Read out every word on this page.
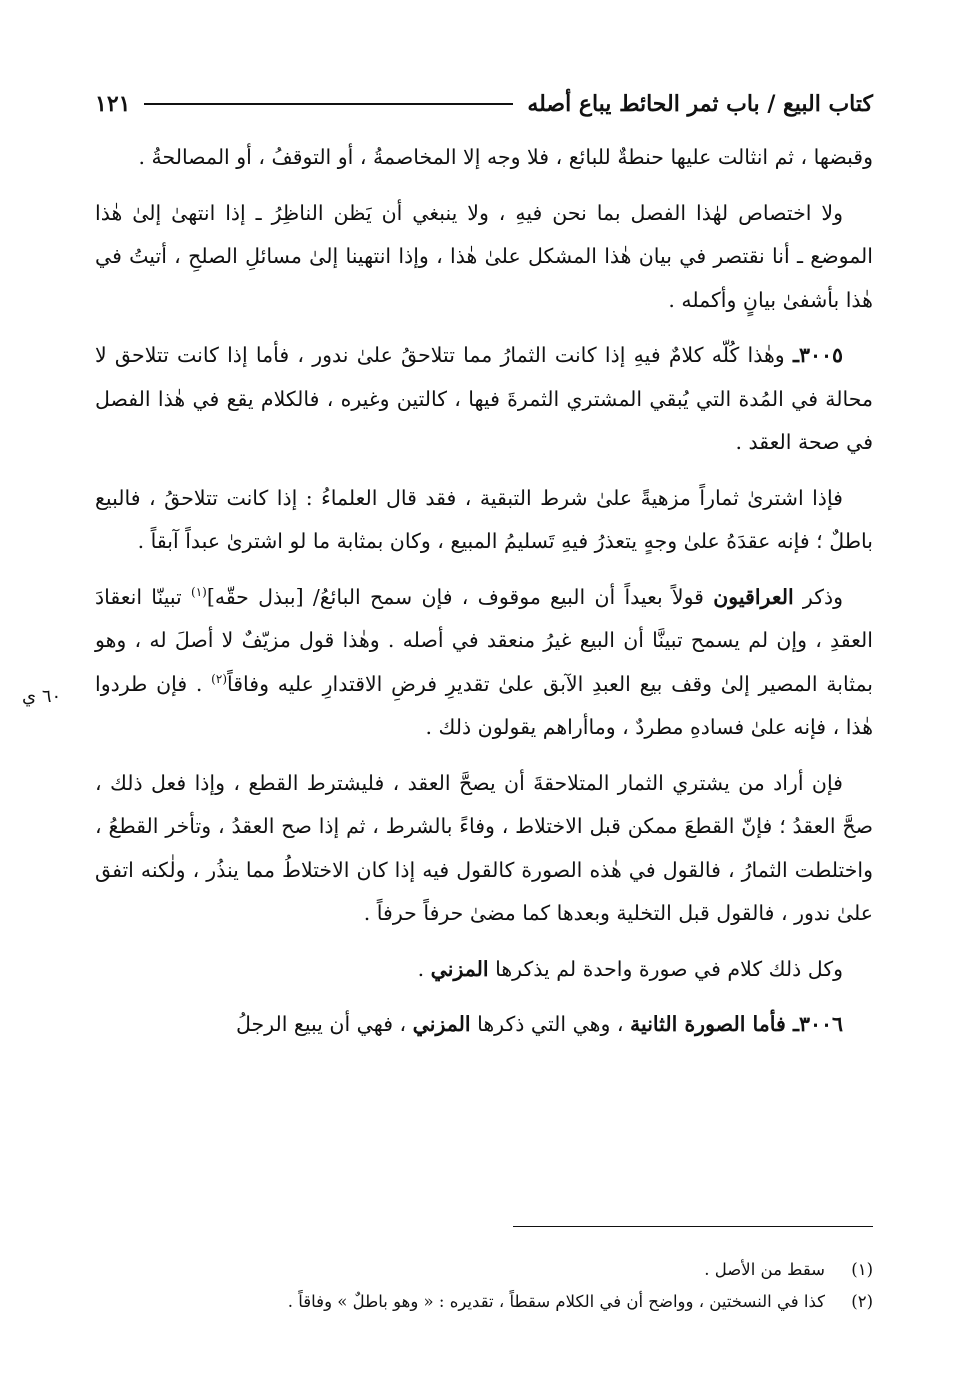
كتاب البيع / باب ثمر الحائط يباع أصله
١٢١
٦٠ ي

وقبضها ، ثم انثالت عليها حنطةٌ للبائع ، فلا وجه إلا المخاصمةُ ، أو التوقفُ ، أو المصالحةُ .

ولا اختصاص لهٰذا الفصل بما نحن فيهِ ، ولا ينبغي أن يَظن الناظِرُ ـ إذا انتهىٰ إلىٰ هٰذا الموضع ـ أنا نقتصر في بيان هٰذا المشكل علىٰ هٰذا ، وإذا انتهينا إلىٰ مسائلِ الصلحِ ، أتيتُ في هٰذا بأشفىٰ بيانٍ وأكمله .

٣٠٠٥ـ وهٰذا كُلّه كلامٌ فيهِ إذا كانت الثمارُ مما تتلاحقُ علىٰ ندور ، فأما إذا كانت تتلاحق لا محالة في المُدة التي يُبقي المشتري الثمرةَ فيها ، كالتين وغيره ، فالكلام يقع في هٰذا الفصل في صحة العقد .

فإذا اشترىٰ ثماراً مزهيةً علىٰ شرط التبقية ، فقد قال العلماءُ : إذا كانت تتلاحقُ ، فالبيع باطلٌ ؛ فإنه عقدَهُ علىٰ وجهٍ يتعذرُ فيهِ تَسليمُ المبيع ، وكان بمثابة ما لو اشترىٰ عبداً آبقاً .

وذكر العراقيون قولاً بعيداً أن البيع موقوف ، فإن سمح البائعُ/ [ببذل حقّه]$^{(١)}$ تبينّا انعقادَ العقدِ ، وإن لم يسمح تبينَّا أن البيع غيرُ منعقد في أصله . وهٰذا قول مزيّفٌ لا أصلَ له ، وهو بمثابة المصير إلىٰ وقف بيع العبدِ الآبق علىٰ تقديرِ فرضِ الاقتدارِ عليه وفاقاً$^{(٢)}$ . فإن طردوا هٰذا ، فإنه علىٰ فسادهِ مطردٌ ، وماأراهم يقولون ذلك .

فإن أراد من يشتري الثمار المتلاحقةَ أن يصحَّ العقد ، فليشترط القطع ، وإذا فعل ذلك ، صحَّ العقدُ ؛ فإنّ القطعَ ممكن قبل الاختلاط ، وفاءً بالشرط ، ثم إذا صح العقدُ ، وتأخر القطعُ ، واختلطت الثمارُ ، فالقول في هٰذه الصورة كالقول فيه إذا كان الاختلاطُ مما ينذُر ، ولٰكنه اتفق علىٰ ندور ، فالقول قبل التخلية وبعدها كما مضىٰ حرفاً حرفاً .

وكل ذلك كلام في صورة واحدة لم يذكرها المزني .

٣٠٠٦ـ فأما الصورة الثانية ، وهي التي ذكرها المزني ، فهي أن يبيع الرجلُ

(١)
سقط من الأصل .
(٢)
كذا في النسختين ، وواضح أن في الكلام سقطاً ، تقديره : « وهو باطلٌ » وفاقاً .
